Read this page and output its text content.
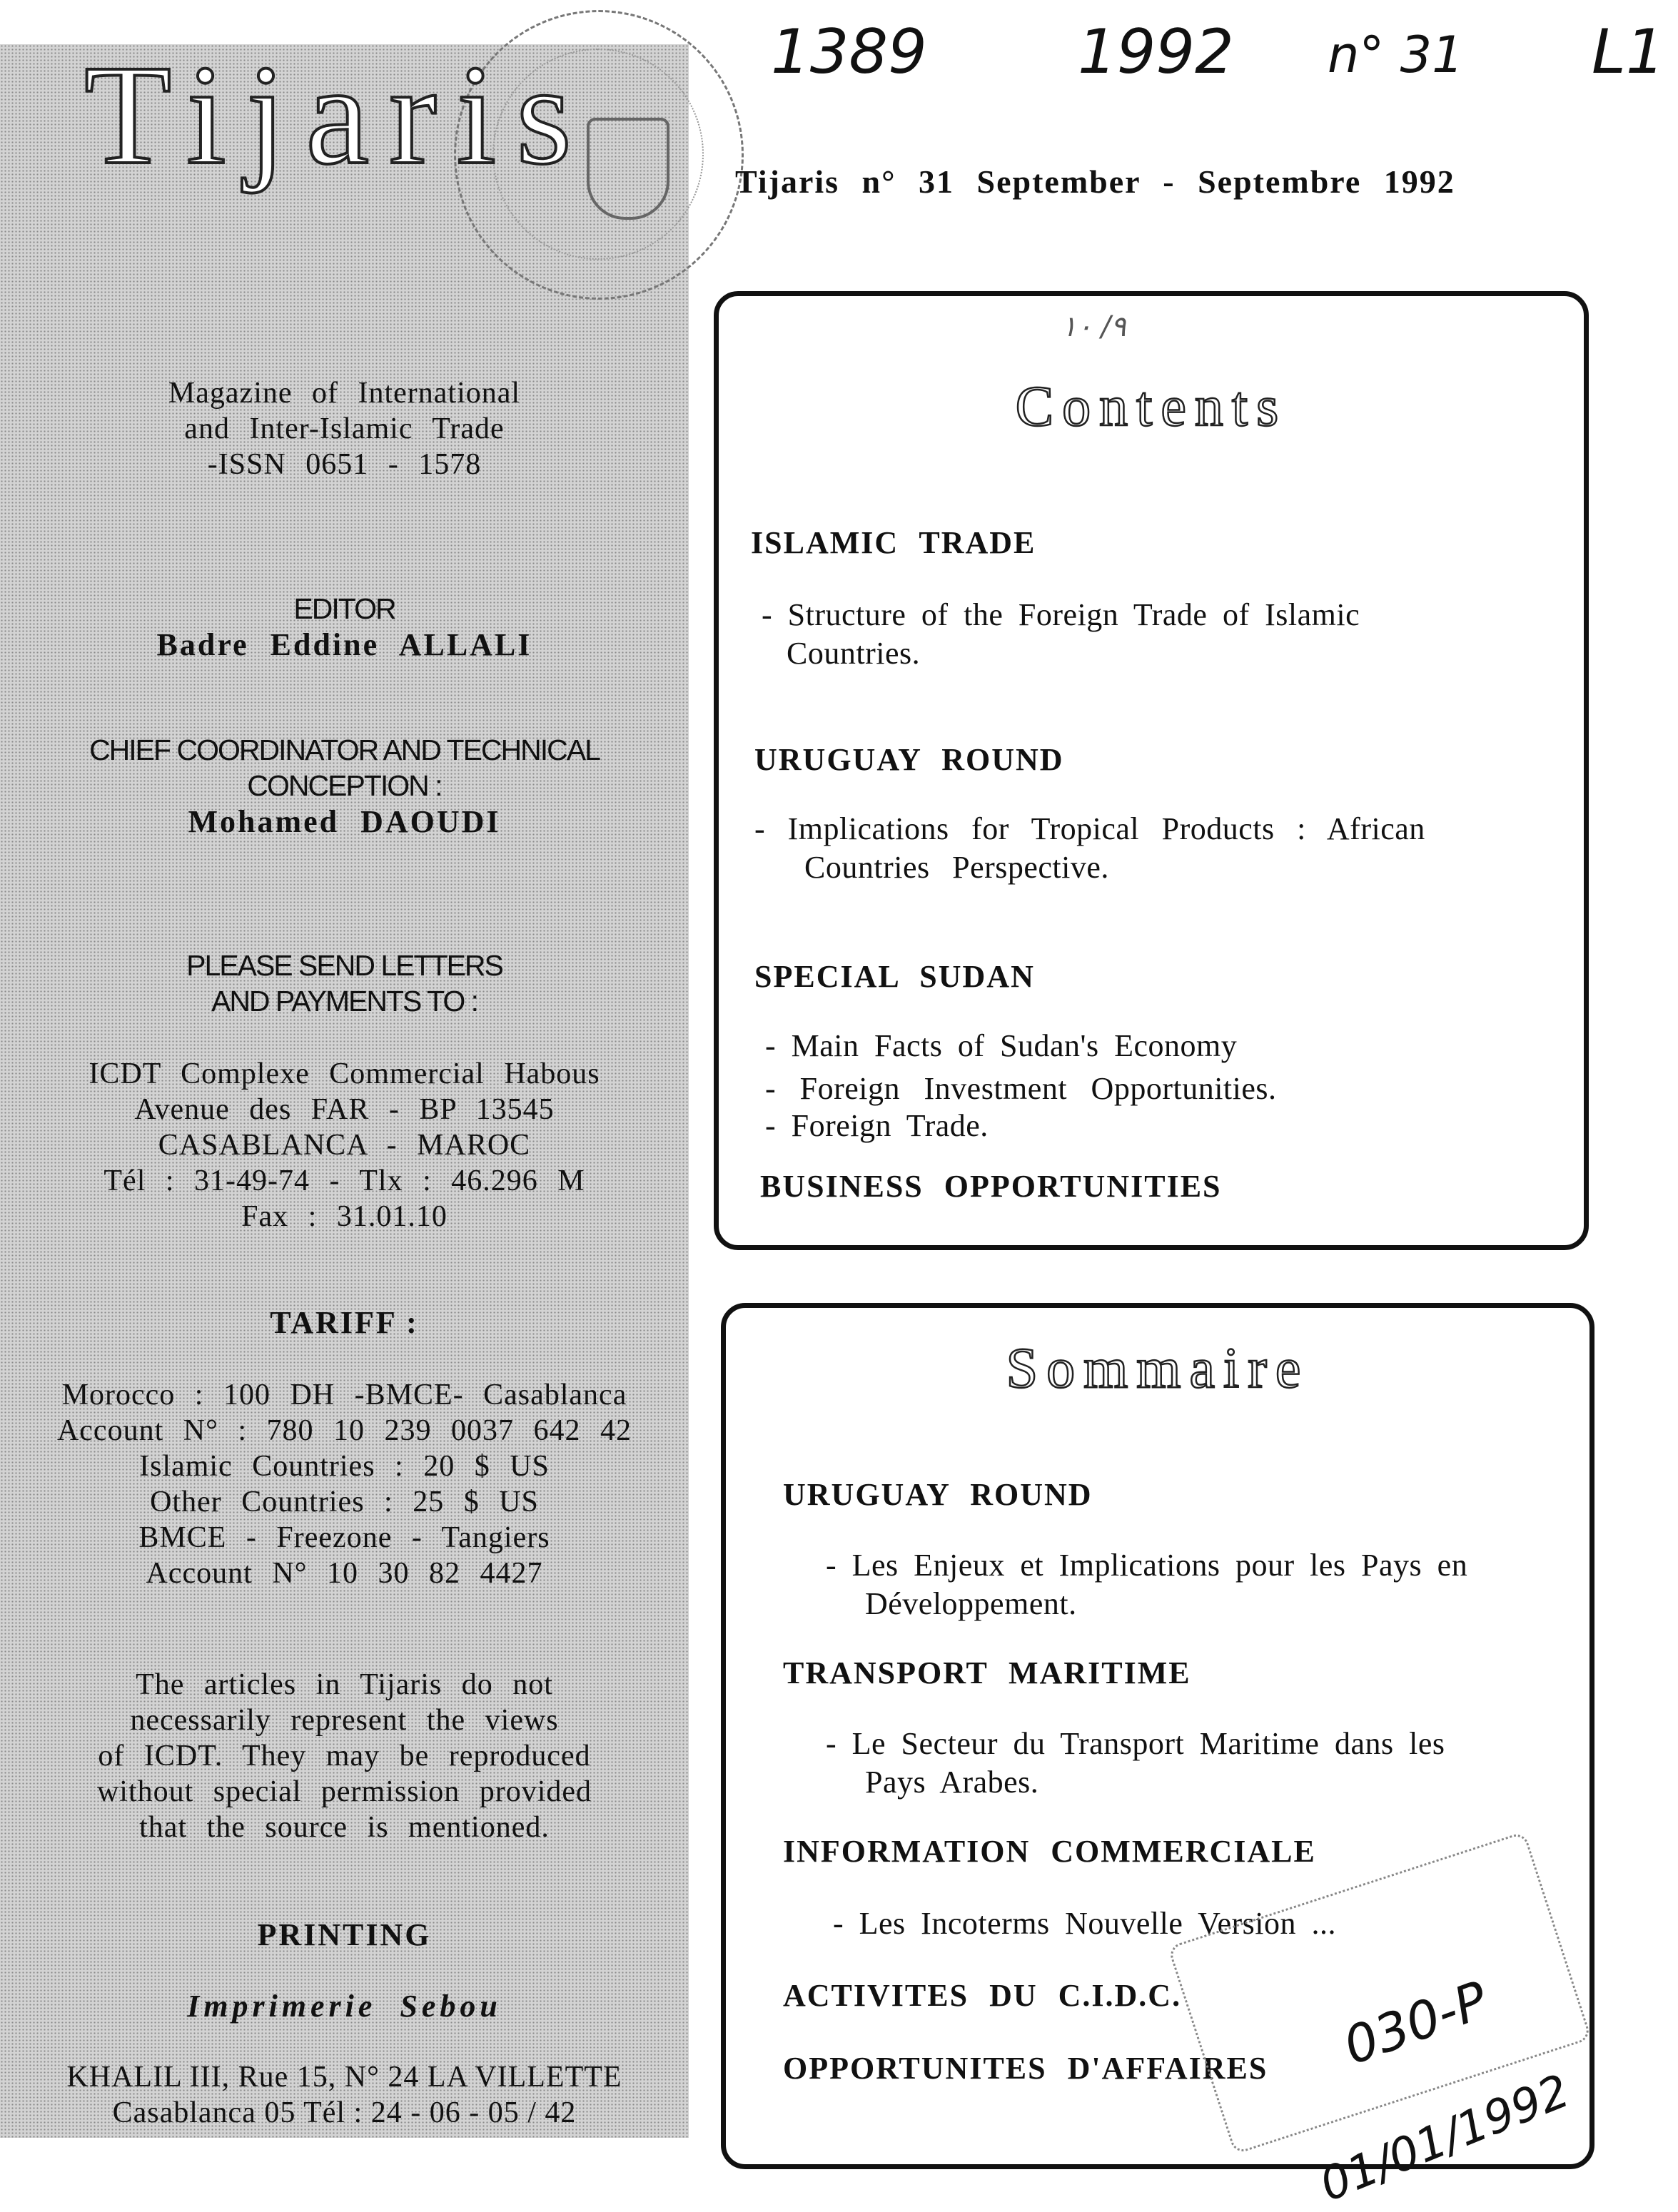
Tijaris
Magazine of International
and Inter-Islamic Trade
-ISSN 0651 - 1578
EDITOR
Badre Eddine ALLALI
CHIEF COORDINATOR AND TECHNICAL
CONCEPTION :
Mohamed DAOUDI
PLEASE SEND LETTERS
AND PAYMENTS TO :
ICDT Complexe Commercial Habous
Avenue des FAR - BP 13545
CASABLANCA - MAROC
Tél : 31-49-74 - Tlx : 46.296 M
Fax : 31.01.10
TARIFF :
Morocco : 100 DH -BMCE- Casablanca
Account N° : 780 10 239 0037 642 42
Islamic Countries : 20 $ US
Other Countries : 25 $ US
BMCE - Freezone - Tangiers
Account N° 10 30 82 4427
The articles in Tijaris do not
necessarily represent the views
of ICDT. They may be reproduced
without special permission provided
that the source is mentioned.
PRINTING
Imprimerie Sebou
KHALIL III, Rue 15, N° 24 LA VILLETTE
Casablanca 05 Tél : 24 - 06 - 05 / 42
1389 1992 n° 31 L1
Tijaris n° 31 September - Septembre 1992
٩/ ١٠
Contents
ISLAMIC TRADE
- Structure of the Foreign Trade of Islamic
Countries.
URUGUAY ROUND
- Implications for Tropical Products : African
Countries Perspective.
SPECIAL SUDAN
- Main Facts of Sudan's Economy
- Foreign Investment Opportunities.
- Foreign Trade.
BUSINESS OPPORTUNITIES
Sommaire
URUGUAY ROUND
- Les Enjeux et Implications pour les Pays en
Développement.
TRANSPORT MARITIME
- Le Secteur du Transport Maritime dans les
Pays Arabes.
INFORMATION COMMERCIALE
- Les Incoterms Nouvelle Version ...
ACTIVITES DU C.I.D.C.
OPPORTUNITES D'AFFAIRES 030-P
01/01/1992
